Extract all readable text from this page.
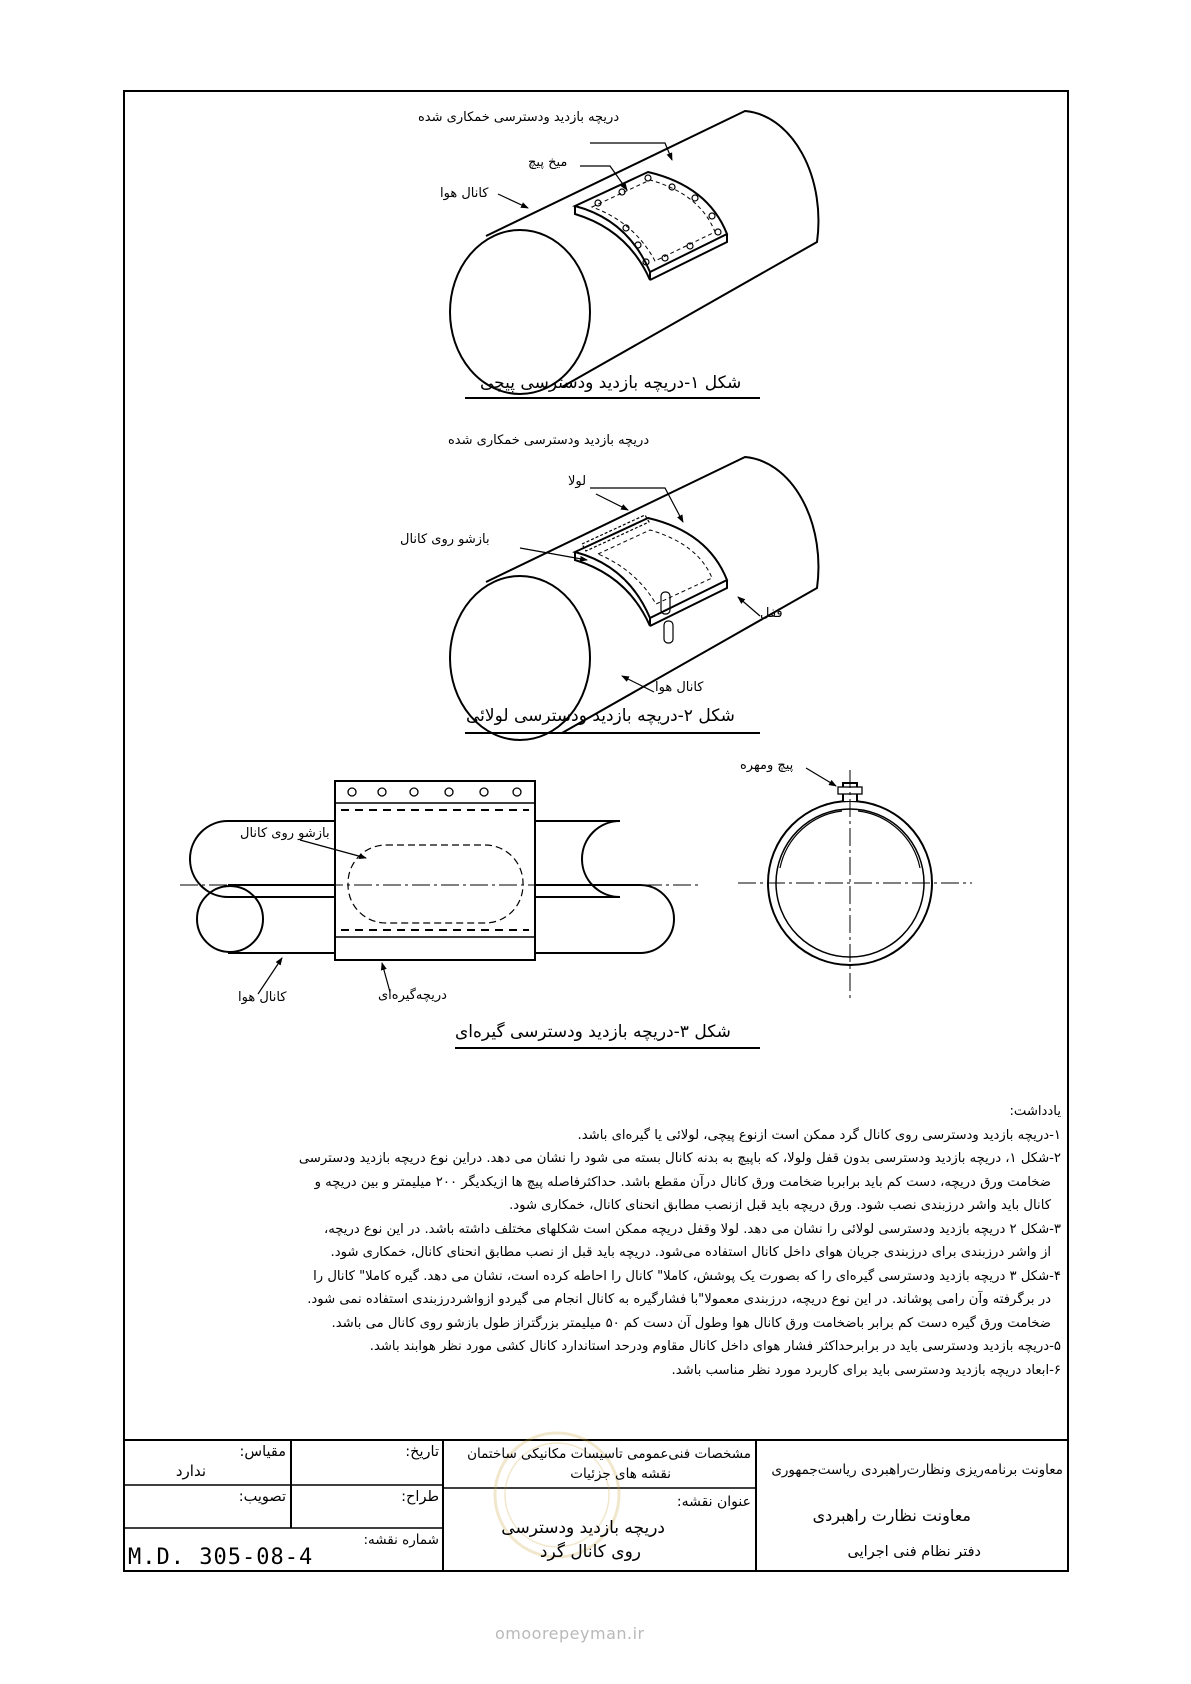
دریچه بازدید ودسترسی خمکاری شده
میخ پیچ
کانال هوا
شکل ۱-دریچه بازدید ودسترسی پیچی
دریچه بازدید ودسترسی خمکاری شده
لولا
بازشو روی کانال
قفل
کانال هوا
شکل ۲-دریچه بازدید ودسترسی لولائی
بازشو روی کانال
کانال هوا	دریچه‌گیره‌ای
پیچ ومهره
شکل ۳-دریچه بازدید ودسترسی گیره‌ای
یادداشت:
۱-دریچه بازدید ودسترسی روی کانال گرد ممکن است ازنوع پیچی، لولائی یا گیره‌ای باشد.
۲-شکل ۱، دریچه بازدید ودسترسی بدون قفل ولولا، که باپیچ به بدنه کانال بسته می شود را نشان می دهد. دراین نوع دریچه بازدید ودسترسی
ضخامت ورق دریچه، دست کم باید برابربا ضخامت ورق کانال درآن مقطع باشد. حداکثرفاصله پیچ ها ازیکدیگر ۲۰۰ میلیمتر و بین دریچه و
کانال باید واشر درزبندی نصب شود. ورق دریچه باید قبل ازنصب مطابق انحنای کانال، خمکاری شود.
۳-شکل ۲ دریچه بازدید ودسترسی لولائی را نشان می دهد. لولا وقفل دریچه ممکن است شکلهای مختلف داشته باشد. در این نوع دریچه،
از واشر درزبندی برای درزبندی جریان هوای داخل کانال استفاده می‌شود. دریچه باید قبل از نصب مطابق انحنای کانال، خمکاری شود.
۴-شکل ۳ دریچه بازدید ودسترسی گیره‌ای را که بصورت یک پوشش، کاملا" کانال را احاطه کرده است، نشان می دهد. گیره کاملا" کانال را
در برگرفته وآن رامی پوشاند. در این نوع دریچه، درزبندی معمولا"با فشارگیره به کانال انجام می گیردو ازواشردرزبندی استفاده نمی شود.
ضخامت ورق گیره دست کم برابر باضخامت ورق کانال هوا وطول آن دست کم ۵۰ میلیمتر بزرگتراز طول بازشو روی کانال می باشد.
۵-دریچه بازدید ودسترسی باید در برابرحداکثر فشار هوای داخل کانال مقاوم ودرحد استاندارد کانال کشی مورد نظر هوابند باشد.
۶-ابعاد دریچه بازدید ودسترسی باید برای کاربرد مورد نظر مناسب باشد.
معاونت برنامه‌ریزی ونظارت‌راهبردی ریاست‌جمهوری
معاونت نظارت راهبردی
دفتر نظام فنی اجرایی
مشخصات فنی‌عمومی تاسیسات مکانیکی ساختمان
نقشه های جزئیات
عنوان نقشه:
دریچه بازدید ودسترسی
روی کانال گرد
تاریخ:
طراح:
شماره نقشه:
مقیاس:
ندارد
تصویب:
M.D. 305-08-4
omoorepeyman.ir
